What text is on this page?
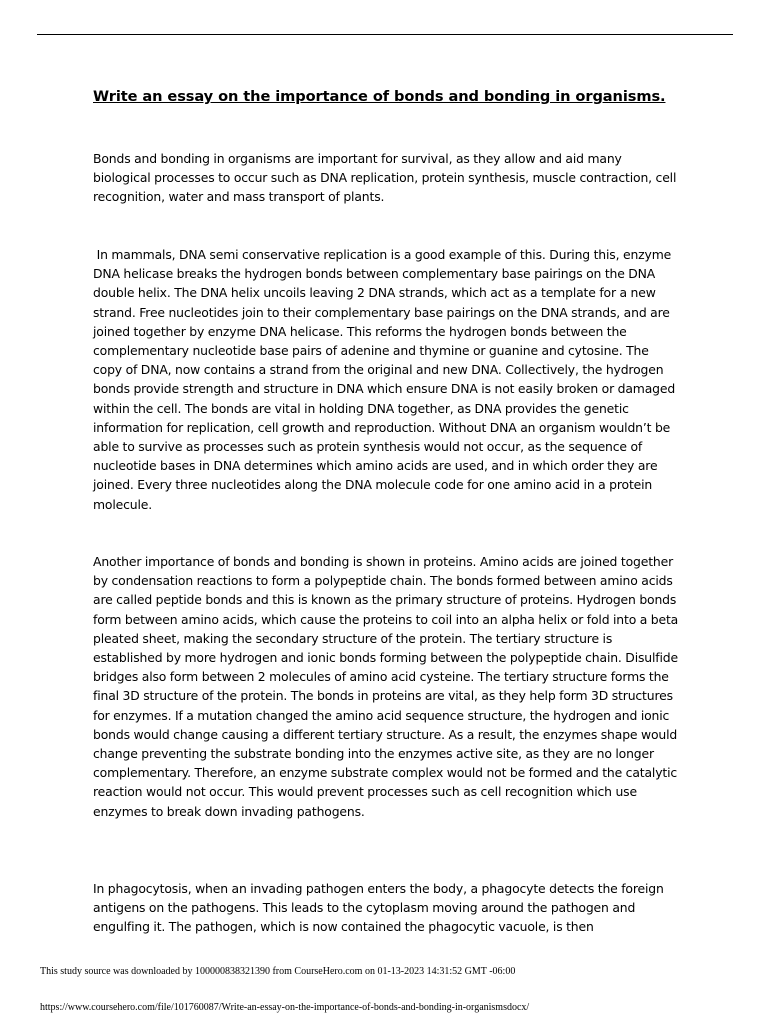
Write an essay on the importance of bonds and bonding in organisms.

Bonds and bonding in organisms are important for survival, as they allow and aid many biological processes to occur such as DNA replication, protein synthesis, muscle contraction, cell recognition, water and mass transport of plants.

In mammals, DNA semi conservative replication is a good example of this. During this, enzyme DNA helicase breaks the hydrogen bonds between complementary base pairings on the DNA double helix. The DNA helix uncoils leaving 2 DNA strands, which act as a template for a new strand. Free nucleotides join to their complementary base pairings on the DNA strands, and are joined together by enzyme DNA helicase. This reforms the hydrogen bonds between the complementary nucleotide base pairs of adenine and thymine or guanine and cytosine. The copy of DNA, now contains a strand from the original and new DNA. Collectively, the hydrogen bonds provide strength and structure in DNA which ensure DNA is not easily broken or damaged within the cell. The bonds are vital in holding DNA together, as DNA provides the genetic information for replication, cell growth and reproduction. Without DNA an organism wouldn’t be able to survive as processes such as protein synthesis would not occur, as the sequence of nucleotide bases in DNA determines which amino acids are used, and in which order they are joined. Every three nucleotides along the DNA molecule code for one amino acid in a protein molecule.

Another importance of bonds and bonding is shown in proteins. Amino acids are joined together by condensation reactions to form a polypeptide chain. The bonds formed between amino acids are called peptide bonds and this is known as the primary structure of proteins. Hydrogen bonds form between amino acids, which cause the proteins to coil into an alpha helix or fold into a beta pleated sheet, making the secondary structure of the protein. The tertiary structure is established by more hydrogen and ionic bonds forming between the polypeptide chain. Disulfide bridges also form between 2 molecules of amino acid cysteine. The tertiary structure forms the final 3D structure of the protein. The bonds in proteins are vital, as they help form 3D structures for enzymes. If a mutation changed the amino acid sequence structure, the hydrogen and ionic bonds would change causing a different tertiary structure. As a result, the enzymes shape would change preventing the substrate bonding into the enzymes active site, as they are no longer complementary. Therefore, an enzyme substrate complex would not be formed and the catalytic reaction would not occur. This would prevent processes such as cell recognition which use enzymes to break down invading pathogens.

In phagocytosis, when an invading pathogen enters the body, a phagocyte detects the foreign antigens on the pathogens. This leads to the cytoplasm moving around the pathogen and engulfing it. The pathogen, which is now contained the phagocytic vacuole, is then

This study source was downloaded by 100000838321390 from CourseHero.com on 01-13-2023 14:31:52 GMT -06:00
https://www.coursehero.com/file/101760087/Write-an-essay-on-the-importance-of-bonds-and-bonding-in-organismsdocx/
